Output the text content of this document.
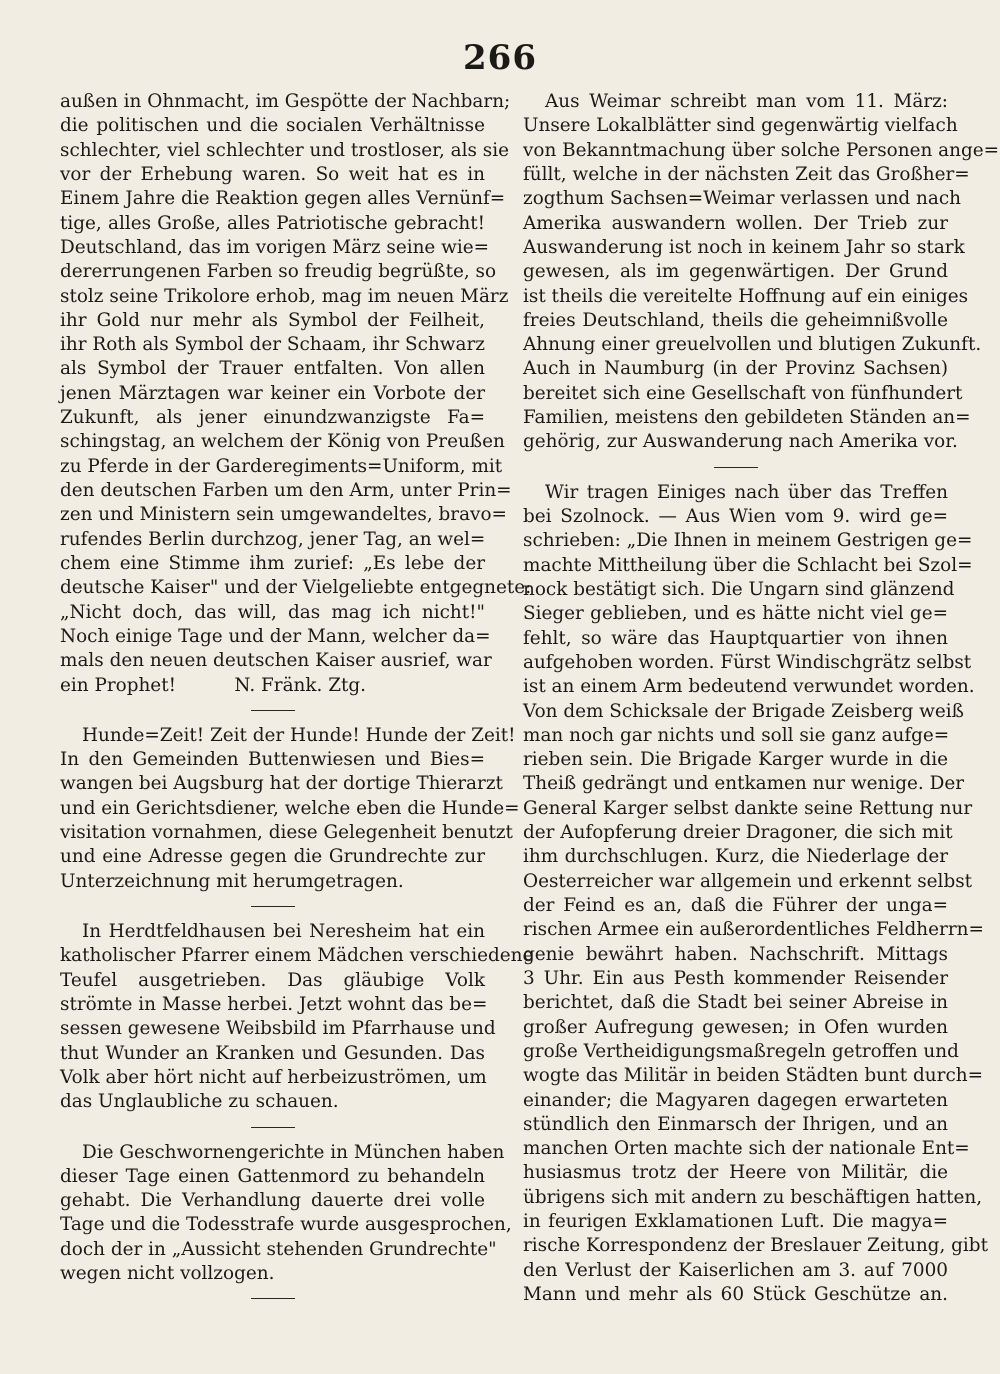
266
außen in Ohnmacht, im Gespötte der Nachbarn;
die politischen und die socialen Verhältnisse
schlechter, viel schlechter und trostloser, als sie
vor der Erhebung waren. So weit hat es in
Einem Jahre die Reaktion gegen alles Vernünf=
tige, alles Große, alles Patriotische gebracht!
Deutschland, das im vorigen März seine wie=
dererrungenen Farben so freudig begrüßte, so
stolz seine Trikolore erhob, mag im neuen März
ihr Gold nur mehr als Symbol der Feilheit,
ihr Roth als Symbol der Schaam, ihr Schwarz
als Symbol der Trauer entfalten. Von allen
jenen Märztagen war keiner ein Vorbote der
Zukunft, als jener einundzwanzigste Fa=
schingstag, an welchem der König von Preußen
zu Pferde in der Garderegiments=Uniform, mit
den deutschen Farben um den Arm, unter Prin=
zen und Ministern sein umgewandeltes, bravo=
rufendes Berlin durchzog, jener Tag, an wel=
chem eine Stimme ihm zurief: „Es lebe der
deutsche Kaiser" und der Vielgeliebte entgegnete:
„Nicht doch, das will, das mag ich nicht!"
Noch einige Tage und der Mann, welcher da=
mals den neuen deutschen Kaiser ausrief, war
ein Prophet!          N. Fränk. Ztg.
Hunde=Zeit! Zeit der Hunde! Hunde der Zeit!
In den Gemeinden Buttenwiesen und Bies=
wangen bei Augsburg hat der dortige Thierarzt
und ein Gerichtsdiener, welche eben die Hunde=
visitation vornahmen, diese Gelegenheit benutzt
und eine Adresse gegen die Grundrechte zur
Unterzeichnung mit herumgetragen.
In Herdtfeldhausen bei Neresheim hat ein
katholischer Pfarrer einem Mädchen verschiedene
Teufel ausgetrieben. Das gläubige Volk
strömte in Masse herbei. Jetzt wohnt das be=
sessen gewesene Weibsbild im Pfarrhause und
thut Wunder an Kranken und Gesunden. Das
Volk aber hört nicht auf herbeizuströmen, um
das Unglaubliche zu schauen.
Die Geschwornengerichte in München haben
dieser Tage einen Gattenmord zu behandeln
gehabt. Die Verhandlung dauerte drei volle
Tage und die Todesstrafe wurde ausgesprochen,
doch der in „Aussicht stehenden Grundrechte"
wegen nicht vollzogen.
Aus Weimar schreibt man vom 11. März:
Unsere Lokalblätter sind gegenwärtig vielfach
von Bekanntmachung über solche Personen ange=
füllt, welche in der nächsten Zeit das Großher=
zogthum Sachsen=Weimar verlassen und nach
Amerika auswandern wollen. Der Trieb zur
Auswanderung ist noch in keinem Jahr so stark
gewesen, als im gegenwärtigen. Der Grund
ist theils die vereitelte Hoffnung auf ein einiges
freies Deutschland, theils die geheimnißvolle
Ahnung einer greuelvollen und blutigen Zukunft.
Auch in Naumburg (in der Provinz Sachsen)
bereitet sich eine Gesellschaft von fünfhundert
Familien, meistens den gebildeten Ständen an=
gehörig, zur Auswanderung nach Amerika vor.
Wir tragen Einiges nach über das Treffen
bei Szolnock. — Aus Wien vom 9. wird ge=
schrieben: „Die Ihnen in meinem Gestrigen ge=
machte Mittheilung über die Schlacht bei Szol=
nock bestätigt sich. Die Ungarn sind glänzend
Sieger geblieben, und es hätte nicht viel ge=
fehlt, so wäre das Hauptquartier von ihnen
aufgehoben worden. Fürst Windischgrätz selbst
ist an einem Arm bedeutend verwundet worden.
Von dem Schicksale der Brigade Zeisberg weiß
man noch gar nichts und soll sie ganz aufge=
rieben sein. Die Brigade Karger wurde in die
Theiß gedrängt und entkamen nur wenige. Der
General Karger selbst dankte seine Rettung nur
der Aufopferung dreier Dragoner, die sich mit
ihm durchschlugen. Kurz, die Niederlage der
Oesterreicher war allgemein und erkennt selbst
der Feind es an, daß die Führer der unga=
rischen Armee ein außerordentliches Feldherrn=
genie bewährt haben. Nachschrift. Mittags
3 Uhr. Ein aus Pesth kommender Reisender
berichtet, daß die Stadt bei seiner Abreise in
großer Aufregung gewesen; in Ofen wurden
große Vertheidigungsmaßregeln getroffen und
wogte das Militär in beiden Städten bunt durch=
einander; die Magyaren dagegen erwarteten
stündlich den Einmarsch der Ihrigen, und an
manchen Orten machte sich der nationale Ent=
husiasmus trotz der Heere von Militär, die
übrigens sich mit andern zu beschäftigen hatten,
in feurigen Exklamationen Luft. Die magya=
rische Korrespondenz der Breslauer Zeitung, gibt
den Verlust der Kaiserlichen am 3. auf 7000
Mann und mehr als 60 Stück Geschütze an.
